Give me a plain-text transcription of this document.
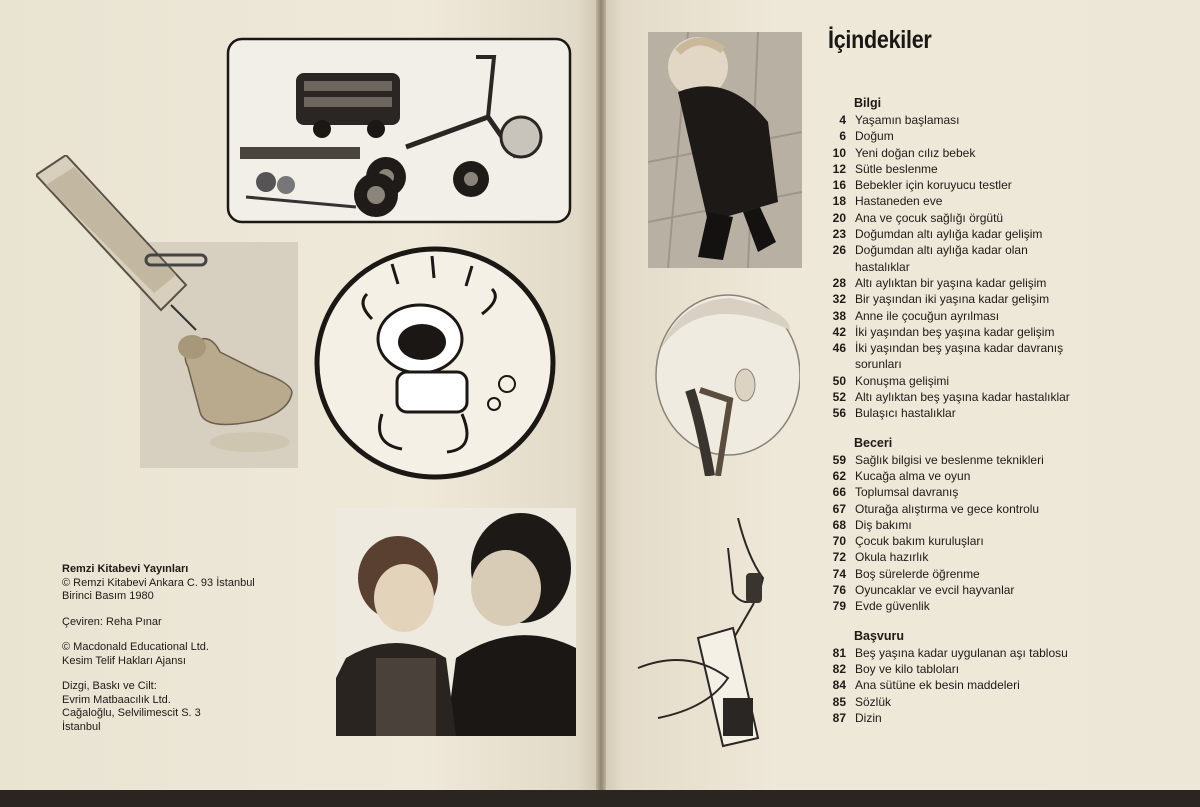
Remzi Kitabevi Yayınları
© Remzi Kitabevi Ankara C. 93 İstanbul
Birinci Basım 1980
Çeviren: Reha Pınar
© Macdonald Educational Ltd.
Kesim Telif Hakları Ajansı
Dizgi, Baskı ve Cilt:
Evrim Matbaacılık Ltd.
Cağaloğlu, Selvilimescit S. 3
İstanbul
İçindekiler
Bilgi
4 Yaşamın başlaması
6 Doğum
10 Yeni doğan cılız bebek
12 Sütle beslenme
16 Bebekler için koruyucu testler
18 Hastaneden eve
20 Ana ve çocuk sağlığı örgütü
23 Doğumdan altı aylığa kadar gelişim
26 Doğumdan altı aylığa kadar olan hastalıklar
28 Altı aylıktan bir yaşına kadar gelişim
32 Bir yaşından iki yaşına kadar gelişim
38 Anne ile çocuğun ayrılması
42 İki yaşından beş yaşına kadar gelişim
46 İki yaşından beş yaşına kadar davranış sorunları
50 Konuşma gelişimi
52 Altı aylıktan beş yaşına kadar hastalıklar
56 Bulaşıcı hastalıklar
Beceri
59 Sağlık bilgisi ve beslenme teknikleri
62 Kucağa alma ve oyun
66 Toplumsal davranış
67 Oturağa alıştırma ve gece kontrolu
68 Diş bakımı
70 Çocuk bakım kuruluşları
72 Okula hazırlık
74 Boş sürelerde öğrenme
76 Oyuncaklar ve evcil hayvanlar
79 Evde güvenlik
Başvuru
81 Beş yaşına kadar uygulanan aşı tablosu
82 Boy ve kilo tabloları
84 Ana sütüne ek besin maddeleri
85 Sözlük
87 Dizin
